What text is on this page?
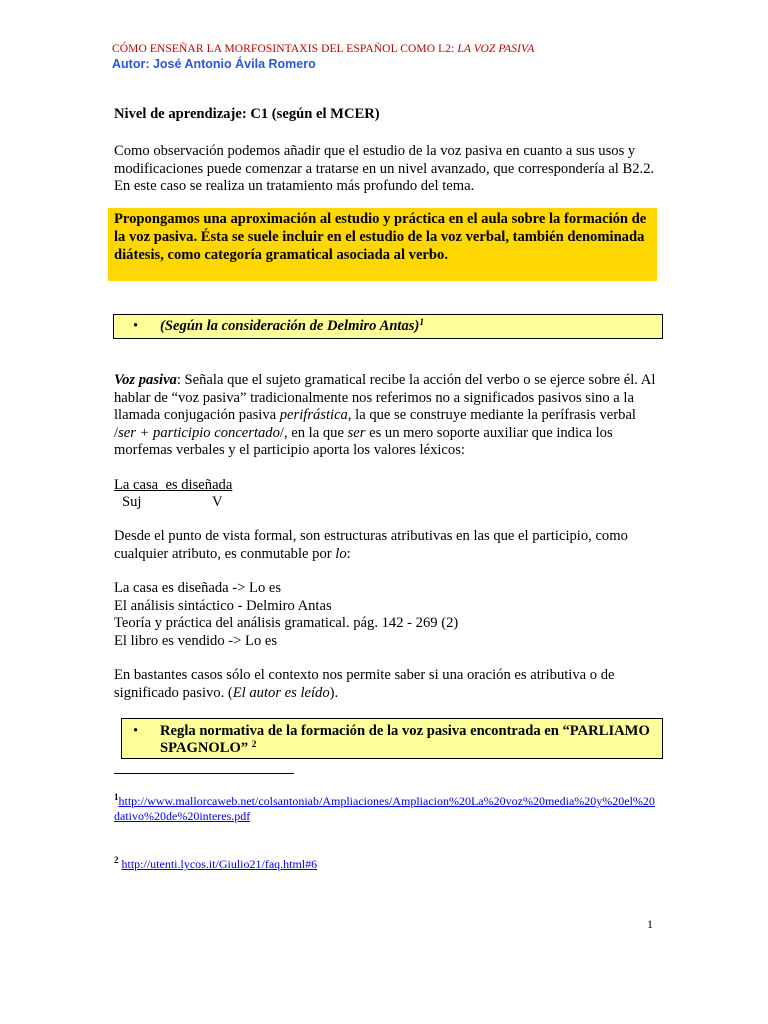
CÓMO ENSEÑAR LA MORFOSINTAXIS DEL ESPAÑOL COMO L2: LA VOZ PASIVA
Autor: José Antonio Ávila Romero
Nivel de aprendizaje: C1 (según el MCER)
Como observación podemos añadir que el estudio de la voz pasiva en cuanto a sus usos y modificaciones puede comenzar a tratarse en un nivel avanzado, que correspondería al B2.2. En este caso se realiza un tratamiento más profundo del tema.
Propongamos una aproximación al estudio y práctica en el aula sobre la formación de la voz pasiva. Ésta se suele incluir en el estudio de la voz verbal, también denominada diátesis, como categoría gramatical asociada al verbo.
• (Según la consideración de Delmiro Antas)$^1$
Voz pasiva: Señala que el sujeto gramatical recibe la acción del verbo o se ejerce sobre él. Al hablar de “voz pasiva” tradicionalmente nos referimos no a significados pasivos sino a la llamada conjugación pasiva perifrástica, la que se construye mediante la perífrasis verbal /ser + participio concertado/, en la que ser es un mero soporte auxiliar que indica los morfemas verbales y el participio aporta los valores léxicos:
La casa es diseñada
Suj	V
Desde el punto de vista formal, son estructuras atributivas en las que el participio, como cualquier atributo, es conmutable por lo:
La casa es diseñada -> Lo es
El análisis sintáctico - Delmiro Antas
Teoría y práctica del análisis gramatical. pág. 142 - 269 (2)
El libro es vendido -> Lo es
En bastantes casos sólo el contexto nos permite saber si una oración es atributiva o de significado pasivo. (El autor es leído).
• Regla normativa de la formación de la voz pasiva encontrada en “PARLIAMO SPAGNOLO” $^2$
$^1$http://www.mallorcaweb.net/colsantoniab/Ampliaciones/Ampliacion%20La%20voz%20media%20y%20el%20dativo%20de%20interes.pdf
$^2$ http://utenti.lycos.it/Giulio21/faq.html#6
1
